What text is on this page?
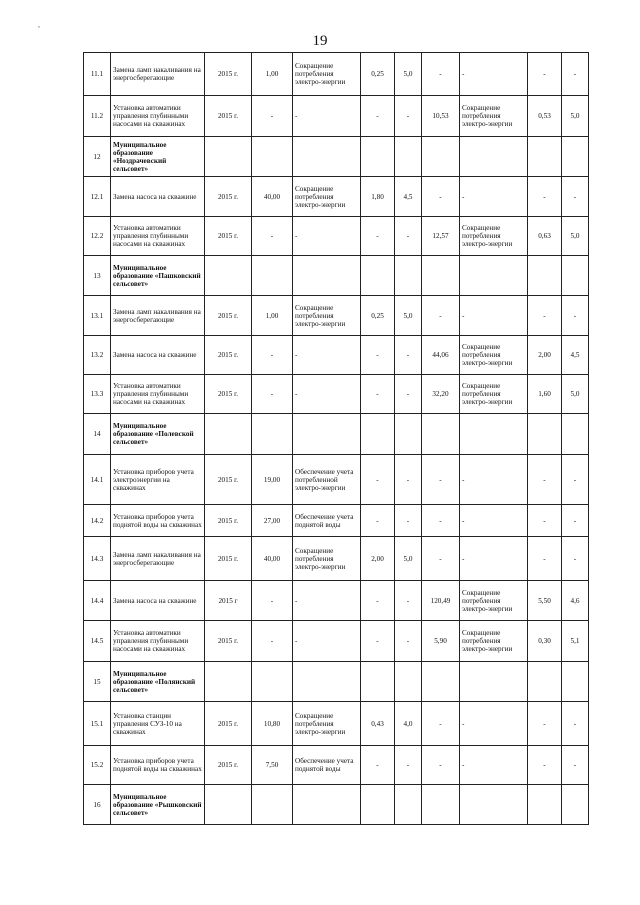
19
,
11.1	Замена ламп накаливания на энергосберегающие	2015 г.	1,00	Сокращение потребления электро-энергии	0,25	5,0	-	-	-	-
11.2	Установка автоматики управления глубинными насосами на скважинах	2015 г.	-	-	-	-	10,53	Сокращение потребления электро-энергии	0,53	5,0
12	Муниципальное образование «Ноздрачевский сельсовет»									
12.1	Замена насоса на скважине	2015 г.	40,00	Сокращение потребления электро-энергии	1,80	4,5	-	-	-	-
12.2	Установка автоматики управления глубинными насосами на скважинах	2015 г.	-	-	-	-	12,57	Сокращение потребления электро-энергии	0,63	5,0
13	Муниципальное образование «Пашковский сельсовет»									
13.1	Замена ламп накаливания на энергосберегающие	2015 г.	1,00	Сокращение потребления электро-энергии	0,25	5,0	-	-	-	-
13.2	Замена насоса на скважине	2015 г.	-	-	-	-	44,06	Сокращение потребления электро-энергии	2,00	4,5
13.3	Установка автоматики управления глубинными насосами на скважинах	2015 г.	-	-	-	-	32,20	Сокращение потребления электро-энергии	1,60	5,0
14	Муниципальное образование «Полевской сельсовет»									
14.1	Установка приборов учета электроэнергии на скважинах	2015 г.	19,00	Обеспечение учета потребленной электро-энергии	-	-	-	-	-	-
14.2	Установка приборов учета поднятой воды на скважинах	2015 г.	27,00	Обеспечение учета поднятой воды	-	-	-	-	-	-
14.3	Замена ламп накаливания на энергосберегающие	2015 г.	40,00	Сокращение потребления электро-энергии	2,00	5,0	-	-	-	-
14.4	Замена насоса на скважине	2015 г	-	-	-	-	120,49	Сокращение потребления электро-энергии	5,50	4,6
14.5	Установка автоматики управления глубинными насосами на скважинах	2015 г.	-	-	-	-	5,90	Сокращение потребления электро-энергии	0,30	5,1
15	Муниципальное образование «Полянский сельсовет»									
15.1	Установка станции управления СУЗ-10 на скважинах	2015 г.	10,80	Сокращение потребления электро-энергии	0,43	4,0	-	-	-	-
15.2	Установка приборов учета поднятой воды на скважинах	2015 г.	7,50	Обеспечение учета поднятой воды	-	-	-	-	-	-
16	Муниципальное образование «Рышковский сельсовет»									
